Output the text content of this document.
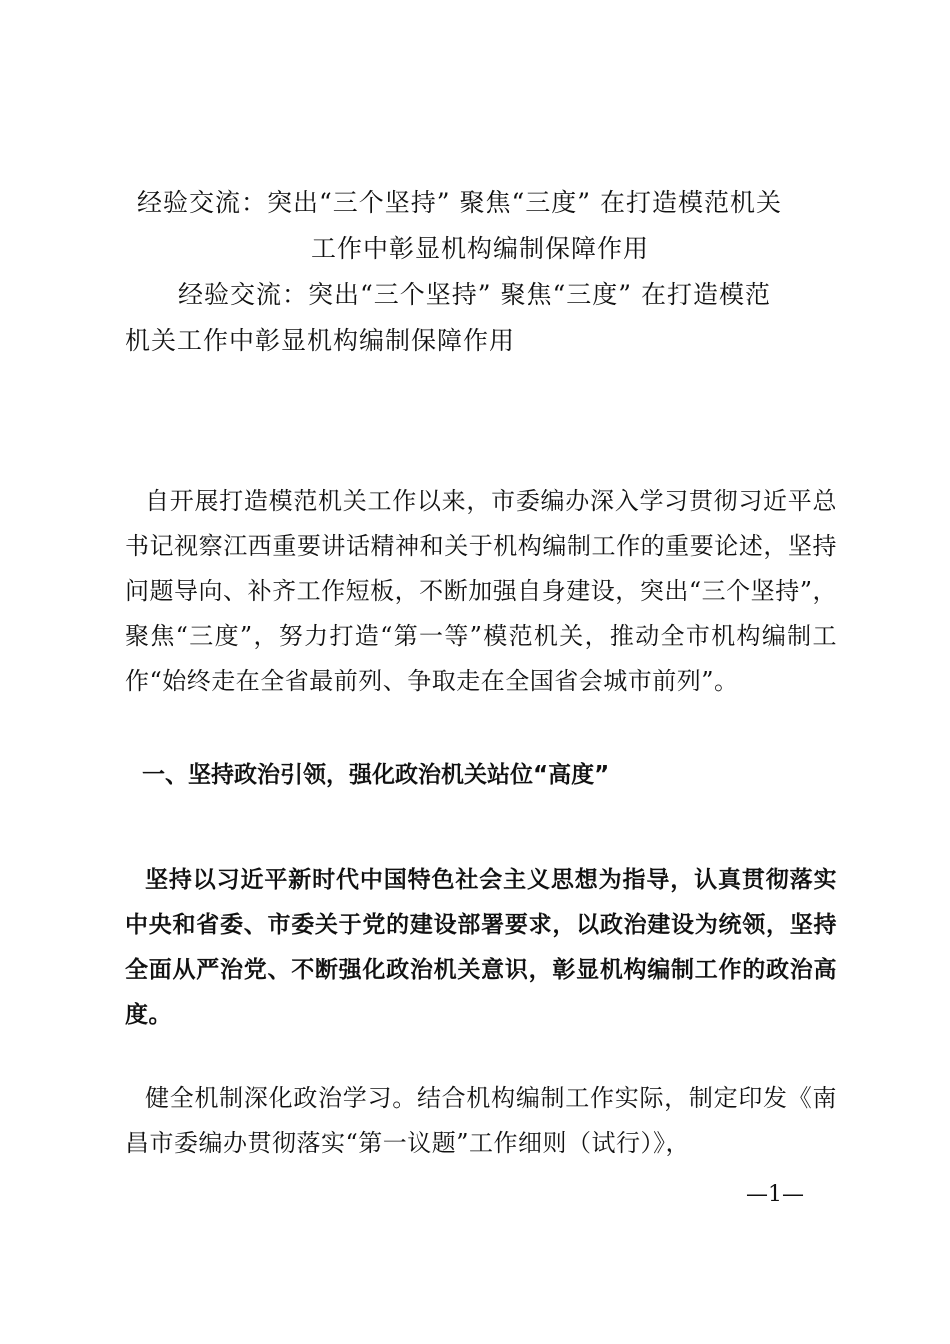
经验交流：突出“三个坚持” 聚焦“三度” 在打造模范机关
工作中彰显机构编制保障作用
经验交流：突出“三个坚持” 聚焦“三度” 在打造模范
机关工作中彰显机构编制保障作用

自开展打造模范机关工作以来，市委编办深入学习贯彻习近平总书记视察江西重要讲话精神和关于机构编制工作的重要论述，坚持问题导向、补齐工作短板，不断加强自身建设，突出“三个坚持”，聚焦“三度”，努力打造“第一等”模范机关，推动全市机构编制工作“始终走在全省最前列、争取走在全国省会城市前列”。

一、坚持政治引领，强化政治机关站位“高度”

坚持以习近平新时代中国特色社会主义思想为指导，认真贯彻落实中央和省委、市委关于党的建设部署要求，以政治建设为统领，坚持全面从严治党、不断强化政治机关意识，彰显机构编制工作的政治高度。

健全机制深化政治学习。结合机构编制工作实际，制定印发《南昌市委编办贯彻落实“第一议题”工作细则（试行）》，

—1—
